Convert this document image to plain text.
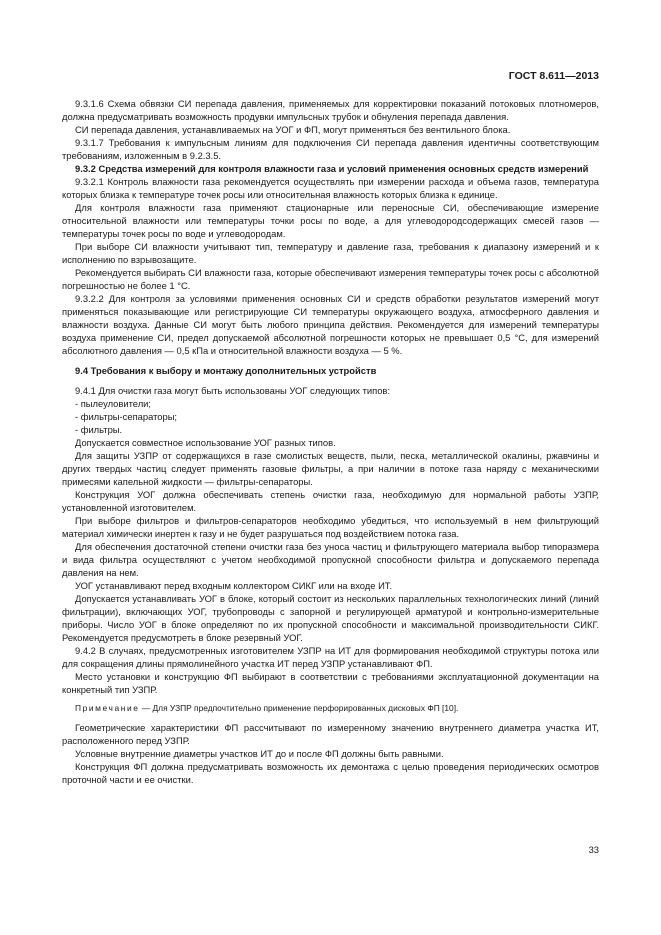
ГОСТ 8.611—2013

9.3.1.6 Схема обвязки СИ перепада давления, применяемых для корректировки показаний потоковых плотномеров, должна предусматривать возможность продувки импульсных трубок и обнуления перепада давления.

СИ перепада давления, устанавливаемых на УОГ и ФП, могут применяться без вентильного блока.

9.3.1.7 Требования к импульсным линиям для подключения СИ перепада давления идентичны соответствующим требованиям, изложенным в 9.2.3.5.

9.3.2 Средства измерений для контроля влажности газа и условий применения основных средств измерений

9.3.2.1 Контроль влажности газа рекомендуется осуществлять при измерении расхода и объема газов, температура которых близка к температуре точек росы или относительная влажность которых близка к единице.

Для контроля влажности газа применяют стационарные или переносные СИ, обеспечивающие измерение относительной влажности или температуры точки росы по воде, а для углеводородсодержащих смесей газов — температуры точек росы по воде и углеводородам.

При выборе СИ влажности учитывают тип, температуру и давление газа, требования к диапазону измерений и к исполнению по взрывозащите.

Рекомендуется выбирать СИ влажности газа, которые обеспечивают измерения температуры точек росы с абсолютной погрешностью не более 1 °С.

9.3.2.2 Для контроля за условиями применения основных СИ и средств обработки результатов измерений могут применяться показывающие или регистрирующие СИ температуры окружающего воздуха, атмосферного давления и влажности воздуха. Данные СИ могут быть любого принципа действия. Рекомендуется для измерений температуры воздуха применение СИ, предел допускаемой абсолютной погрешности которых не превышает 0,5 °С, для измерений абсолютного давления — 0,5 кПа и относительной влажности воздуха — 5 %.

9.4 Требования к выбору и монтажу дополнительных устройств

9.4.1 Для очистки газа могут быть использованы УОГ следующих типов:

- пылеуловители;

- фильтры-сепараторы;

- фильтры.

Допускается совместное использование УОГ разных типов.

Для защиты УЗПР от содержащихся в газе смолистых веществ, пыли, песка, металлической окалины, ржавчины и других твердых частиц следует применять газовые фильтры, а при наличии в потоке газа наряду с механическими примесями капельной жидкости — фильтры-сепараторы.

Конструкция УОГ должна обеспечивать степень очистки газа, необходимую для нормальной работы УЗПР, установленной изготовителем.

При выборе фильтров и фильтров-сепараторов необходимо убедиться, что используемый в нем фильтрующий материал химически инертен к газу и не будет разрушаться под воздействием потока газа.

Для обеспечения достаточной степени очистки газа без уноса частиц и фильтрующего материала выбор типоразмера и вида фильтра осуществляют с учетом необходимой пропускной способности фильтра и допускаемого перепада давления на нем.

УОГ устанавливают перед входным коллектором СИКГ или на входе ИТ.

Допускается устанавливать УОГ в блоке, который состоит из нескольких параллельных технологических линий (линий фильтрации), включающих УОГ, трубопроводы с запорной и регулирующей арматурой и контрольно-измерительные приборы. Число УОГ в блоке определяют по их пропускной способности и максимальной производительности СИКГ. Рекомендуется предусмотреть в блоке резервный УОГ.

9.4.2 В случаях, предусмотренных изготовителем УЗПР на ИТ для формирования необходимой структуры потока или для сокращения длины прямолинейного участка ИТ перед УЗПР устанавливают ФП.

Место установки и конструкцию ФП выбирают в соответствии с требованиями эксплуатационной документации на конкретный тип УЗПР.

Примечание — Для УЗПР предпочтительно применение перфорированных дисковых ФП [10].

Геометрические характеристики ФП рассчитывают по измеренному значению внутреннего диаметра участка ИТ, расположенного перед УЗПР.

Условные внутренние диаметры участков ИТ до и после ФП должны быть равными.

Конструкция ФП должна предусматривать возможность их демонтажа с целью проведения периодических осмотров проточной части и ее очистки.

33
